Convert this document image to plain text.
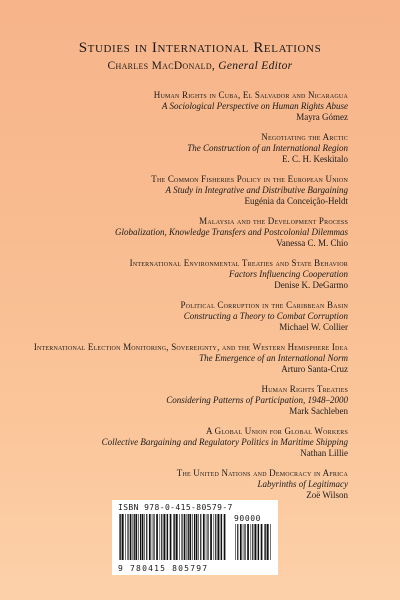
Studies in International Relations
Charles MacDonald, General Editor
Human Rights in Cuba, El Salvador and Nicaragua
A Sociological Perspective on Human Rights Abuse
Mayra Gómez
Negotiating the Arctic
The Construction of an International Region
E. C. H. Keskitalo
The Common Fisheries Policy in the European Union
A Study in Integrative and Distributive Bargaining
Eugénia da Conceição-Heldt
Malaysia and the Development Process
Globalization, Knowledge Transfers and Postcolonial Dilemmas
Vanessa C. M. Chio
International Environmental Treaties and State Behavior
Factors Influencing Cooperation
Denise K. DeGarmo
Political Corruption in the Caribbean Basin
Constructing a Theory to Combat Corruption
Michael W. Collier
International Election Monitoring, Sovereignty, and the Western Hemisphere Idea
The Emergence of an International Norm
Arturo Santa-Cruz
Human Rights Treaties
Considering Patterns of Participation, 1948–2000
Mark Sachleben
A Global Union for Global Workers
Collective Bargaining and Regulatory Politics in Maritime Shipping
Nathan Lillie
The United Nations and Democracy in Africa
Labyrinths of Legitimacy
Zoë Wilson
ISBN 978-0-415-80579-7
90000
9 780415 805797
